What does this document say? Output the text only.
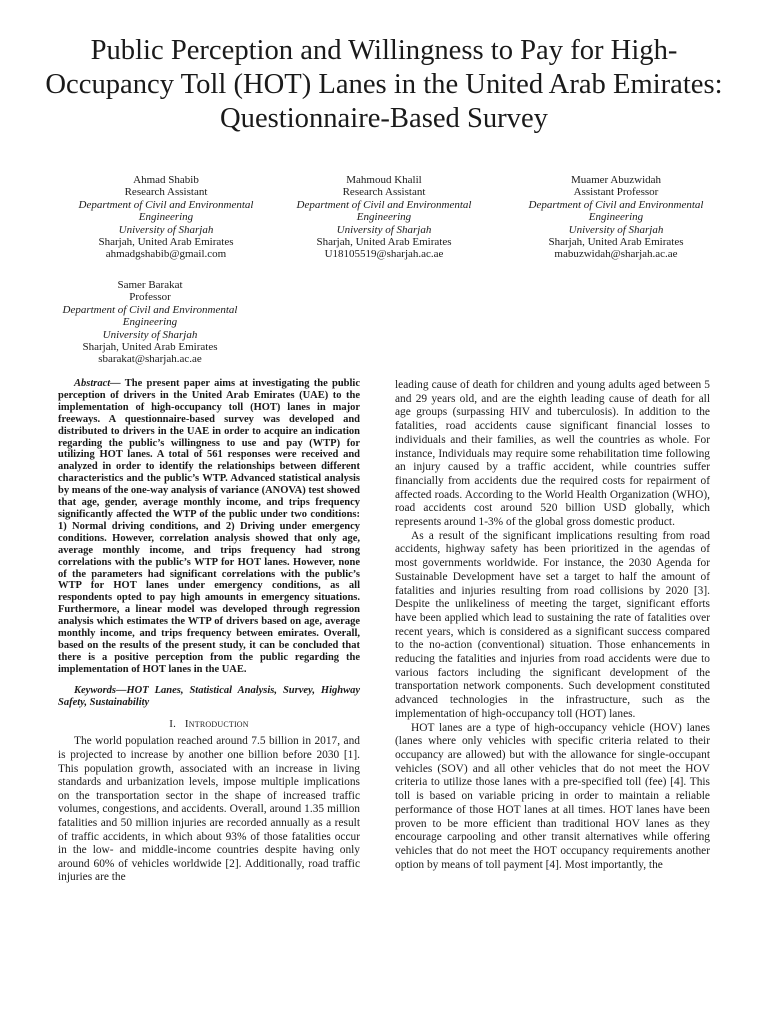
Public Perception and Willingness to Pay for High-Occupancy Toll (HOT) Lanes in the United Arab Emirates: Questionnaire-Based Survey
Ahmad Shabib
Research Assistant
Department of Civil and Environmental
Engineering
University of Sharjah
Sharjah, United Arab Emirates
ahmadgshabib@gmail.com
Mahmoud Khalil
Research Assistant
Department of Civil and Environmental
Engineering
University of Sharjah
Sharjah, United Arab Emirates
U18105519@sharjah.ac.ae
Muamer Abuzwidah
Assistant Professor
Department of Civil and Environmental
Engineering
University of Sharjah
Sharjah, United Arab Emirates
mabuzwidah@sharjah.ac.ae
Samer Barakat
Professor
Department of Civil and Environmental
Engineering
University of Sharjah
Sharjah, United Arab Emirates
sbarakat@sharjah.ac.ae

Abstract— The present paper aims at investigating the public perception of drivers in the United Arab Emirates (UAE) to the implementation of high-occupancy toll (HOT) lanes in major freeways. A questionnaire-based survey was developed and distributed to drivers in the UAE in order to acquire an indication regarding the public’s willingness to use and pay (WTP) for utilizing HOT lanes. A total of 561 responses were received and analyzed in order to identify the relationships between different characteristics and the public’s WTP. Advanced statistical analysis by means of the one-way analysis of variance (ANOVA) test showed that age, gender, average monthly income, and trips frequency significantly affected the WTP of the public under two conditions: 1) Normal driving conditions, and 2) Driving under emergency conditions. However, correlation analysis showed that only age, average monthly income, and trips frequency had strong correlations with the public’s WTP for HOT lanes. However, none of the parameters had significant correlations with the public’s WTP for HOT lanes under emergency conditions, as all respondents opted to pay high amounts in emergency situations. Furthermore, a linear model was developed through regression analysis which estimates the WTP of drivers based on age, average monthly income, and trips frequency between emirates. Overall, based on the results of the present study, it can be concluded that there is a positive perception from the public regarding the implementation of HOT lanes in the UAE.

Keywords—HOT Lanes, Statistical Analysis, Survey, Highway Safety, Sustainability

I. Introduction

The world population reached around 7.5 billion in 2017, and is projected to increase by another one billion before 2030 [1]. This population growth, associated with an increase in living standards and urbanization levels, impose multiple implications on the transportation sector in the shape of increased traffic volumes, congestions, and accidents. Overall, around 1.35 million fatalities and 50 million injuries are recorded annually as a result of traffic accidents, in which about 93% of those fatalities occur in the low- and middle-income countries despite having only around 60% of vehicles worldwide [2]. Additionally, road traffic injuries are the

leading cause of death for children and young adults aged between 5 and 29 years old, and are the eighth leading cause of death for all age groups (surpassing HIV and tuberculosis). In addition to the fatalities, road accidents cause significant financial losses to individuals and their families, as well the countries as whole. For instance, Individuals may require some rehabilitation time following an injury caused by a traffic accident, while countries suffer financially from accidents due the required costs for repairment of affected roads. According to the World Health Organization (WHO), road accidents cost around 520 billion USD globally, which represents around 1-3% of the global gross domestic product.

As a result of the significant implications resulting from road accidents, highway safety has been prioritized in the agendas of most governments worldwide. For instance, the 2030 Agenda for Sustainable Development have set a target to half the amount of fatalities and injuries resulting from road collisions by 2020 [3]. Despite the unlikeliness of meeting the target, significant efforts have been applied which lead to sustaining the rate of fatalities over recent years, which is considered as a significant success compared to the no-action (conventional) situation. Those enhancements in reducing the fatalities and injuries from road accidents were due to various factors including the significant development of the transportation network components. Such development constituted advanced technologies in the infrastructure, such as the implementation of high-occupancy toll (HOT) lanes.

HOT lanes are a type of high-occupancy vehicle (HOV) lanes (lanes where only vehicles with specific criteria related to their occupancy are allowed) but with the allowance for single-occupant vehicles (SOV) and all other vehicles that do not meet the HOV criteria to utilize those lanes with a pre-specified toll (fee) [4]. This toll is based on variable pricing in order to maintain a reliable performance of those HOT lanes at all times. HOT lanes have been proven to be more efficient than traditional HOV lanes as they encourage carpooling and other transit alternatives while offering vehicles that do not meet the HOT occupancy requirements another option by means of toll payment [4]. Most importantly, the
